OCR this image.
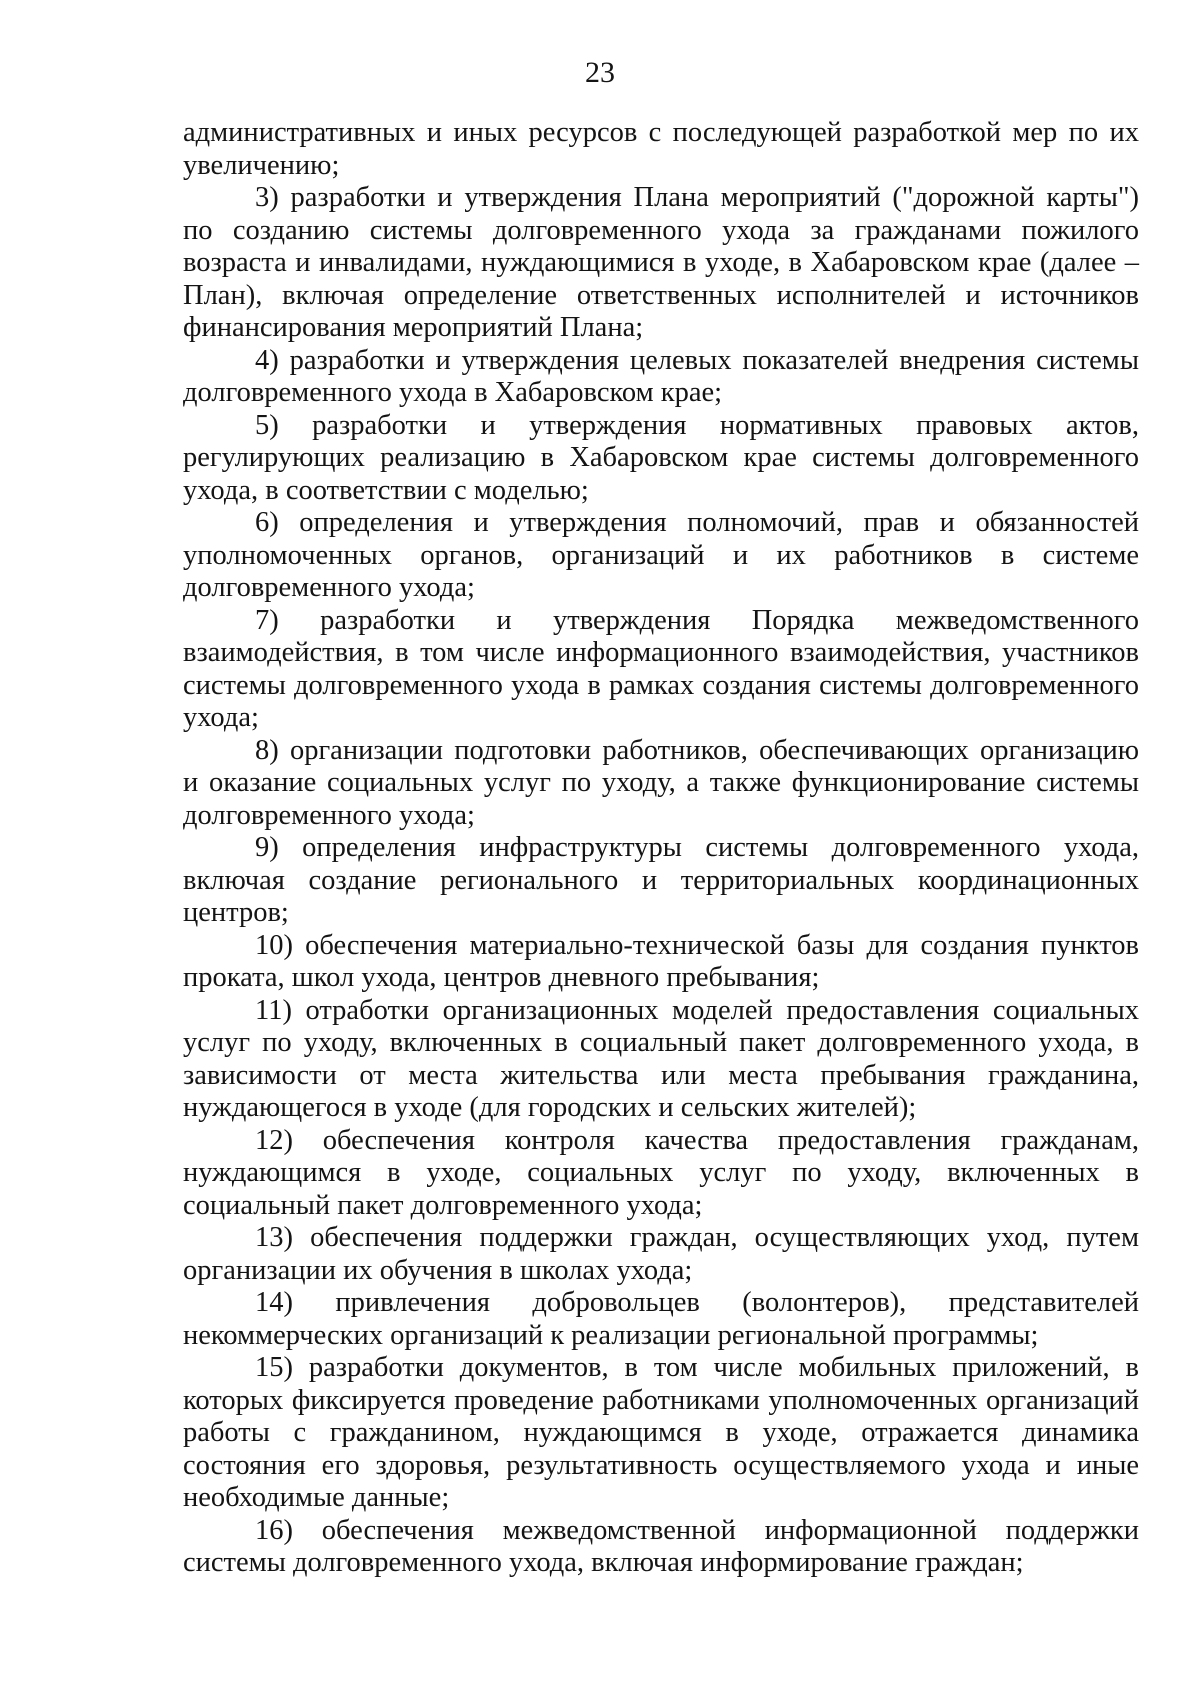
23

административных и иных ресурсов с последующей разработкой мер по их увеличению;

3) разработки и утверждения Плана мероприятий ("дорожной карты") по созданию системы долговременного ухода за гражданами пожилого возраста и инвалидами, нуждающимися в уходе, в Хабаровском крае (далее – План), включая определение ответственных исполнителей и источников финансирования мероприятий Плана;

4) разработки и утверждения целевых показателей внедрения системы долговременного ухода в Хабаровском крае;

5) разработки и утверждения нормативных правовых актов, регулирующих реализацию в Хабаровском крае системы долговременного ухода, в соответствии с моделью;

6) определения и утверждения полномочий, прав и обязанностей уполномоченных органов, организаций и их работников в системе долговременного ухода;

7) разработки и утверждения Порядка межведомственного взаимодействия, в том числе информационного взаимодействия, участников системы долговременного ухода в рамках создания системы долговременного ухода;

8) организации подготовки работников, обеспечивающих организацию и оказание социальных услуг по уходу, а также функционирование системы долговременного ухода;

9) определения инфраструктуры системы долговременного ухода, включая создание регионального и территориальных координационных центров;

10) обеспечения материально-технической базы для создания пунктов проката, школ ухода, центров дневного пребывания;

11) отработки организационных моделей предоставления социальных услуг по уходу, включенных в социальный пакет долговременного ухода, в зависимости от места жительства или места пребывания гражданина, нуждающегося в уходе (для городских и сельских жителей);

12) обеспечения контроля качества предоставления гражданам, нуждающимся в уходе, социальных услуг по уходу, включенных в социальный пакет долговременного ухода;

13) обеспечения поддержки граждан, осуществляющих уход, путем организации их обучения в школах ухода;

14) привлечения добровольцев (волонтеров), представителей некоммерческих организаций к реализации региональной программы;

15) разработки документов, в том числе мобильных приложений, в которых фиксируется проведение работниками уполномоченных организаций работы с гражданином, нуждающимся в уходе, отражается динамика состояния его здоровья, результативность осуществляемого ухода и иные необходимые данные;

16) обеспечения межведомственной информационной поддержки системы долговременного ухода, включая информирование граждан;
